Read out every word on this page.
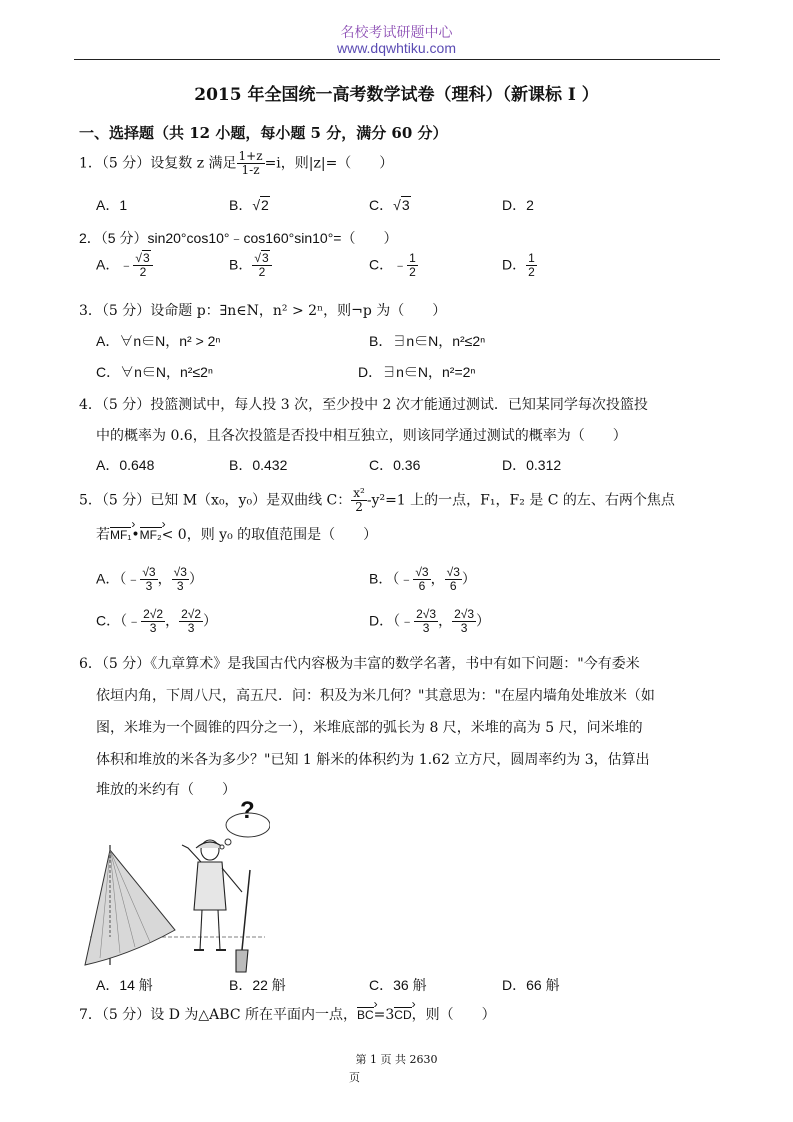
名校考试研题中心
www.dqwhtiku.com
2015 年全国统一高考数学试卷（理科）（新课标 I ）
一、选择题（共 12 小题，每小题 5 分，满分 60 分）
1．（5 分）设复数 z 满足 $\frac{1+z}{1-z} =i$，则|z|=（　　）
A．1	B．√2	C．√3	D．2
2．（5 分）sin20°cos10°﹣cos160°sin10°=（　　）
A．﹣ $\frac{√3}{2}$	B． $\frac{√3}{2}$	C．﹣ $\frac{1}{2}$	D． $\frac{1}{2}$
3．（5 分）设命题 p：∃n∈N，n² > 2ⁿ，则¬p 为（　　）
A．∀n∈N，n² > 2ⁿ	B．∃n∈N，n²≤2ⁿ
C．∀n∈N，n²≤2ⁿ	D．∃n∈N，n²=2ⁿ
4．（5 分）投篮测试中，每人投 3 次，至少投中 2 次才能通过测试．已知某同学每次投篮投
中的概率为 0.6，且各次投篮是否投中相互独立，则该同学通过测试的概率为（　　）
A．0.648	B．0.432	C．0.36	D．0.312
5．（5 分）已知 M（x₀，y₀）是双曲线 C： $\frac{\text{x²}}{2} -y^2=1$ 上的一点，F₁，F₂ 是 C 的左、右两个焦点
若MF₁ ›•MF₂ ›< 0，则 y₀ 的取值范围是（　　）
A．（﹣ $\frac{√3}{3}$ ， $\frac{√3}{3}$ ）	B．（﹣ $\frac{√3}{6}$ ， $\frac{√3}{6}$ ）
C．（﹣ $\frac{2√2}{3}$ ， $\frac{2√2}{3}$ ）	D．（﹣ $\frac{2√3}{3}$ ， $\frac{2√3}{3}$ ）
6．（5 分）《九章算术》是我国古代内容极为丰富的数学名著，书中有如下问题："今有委米
依垣内角，下周八尺，高五尺．问：积及为米几何？"其意思为："在屋内墙角处堆放米（如
图，米堆为一个圆锥的四分之一），米堆底部的弧长为 8 尺，米堆的高为 5 尺，问米堆的
体积和堆放的米各为多少？"已知 1 斛米的体积约为 1.62 立方尺，圆周率约为 3，估算出
堆放的米约有（　　）
?
A．14 斛	B．22 斛	C．36 斛	D．66 斛
7．（5 分）设 D 为△ABC 所在平面内一点，BC ›=3CD ›，则（　　）
第 1 页 共 2630
页
